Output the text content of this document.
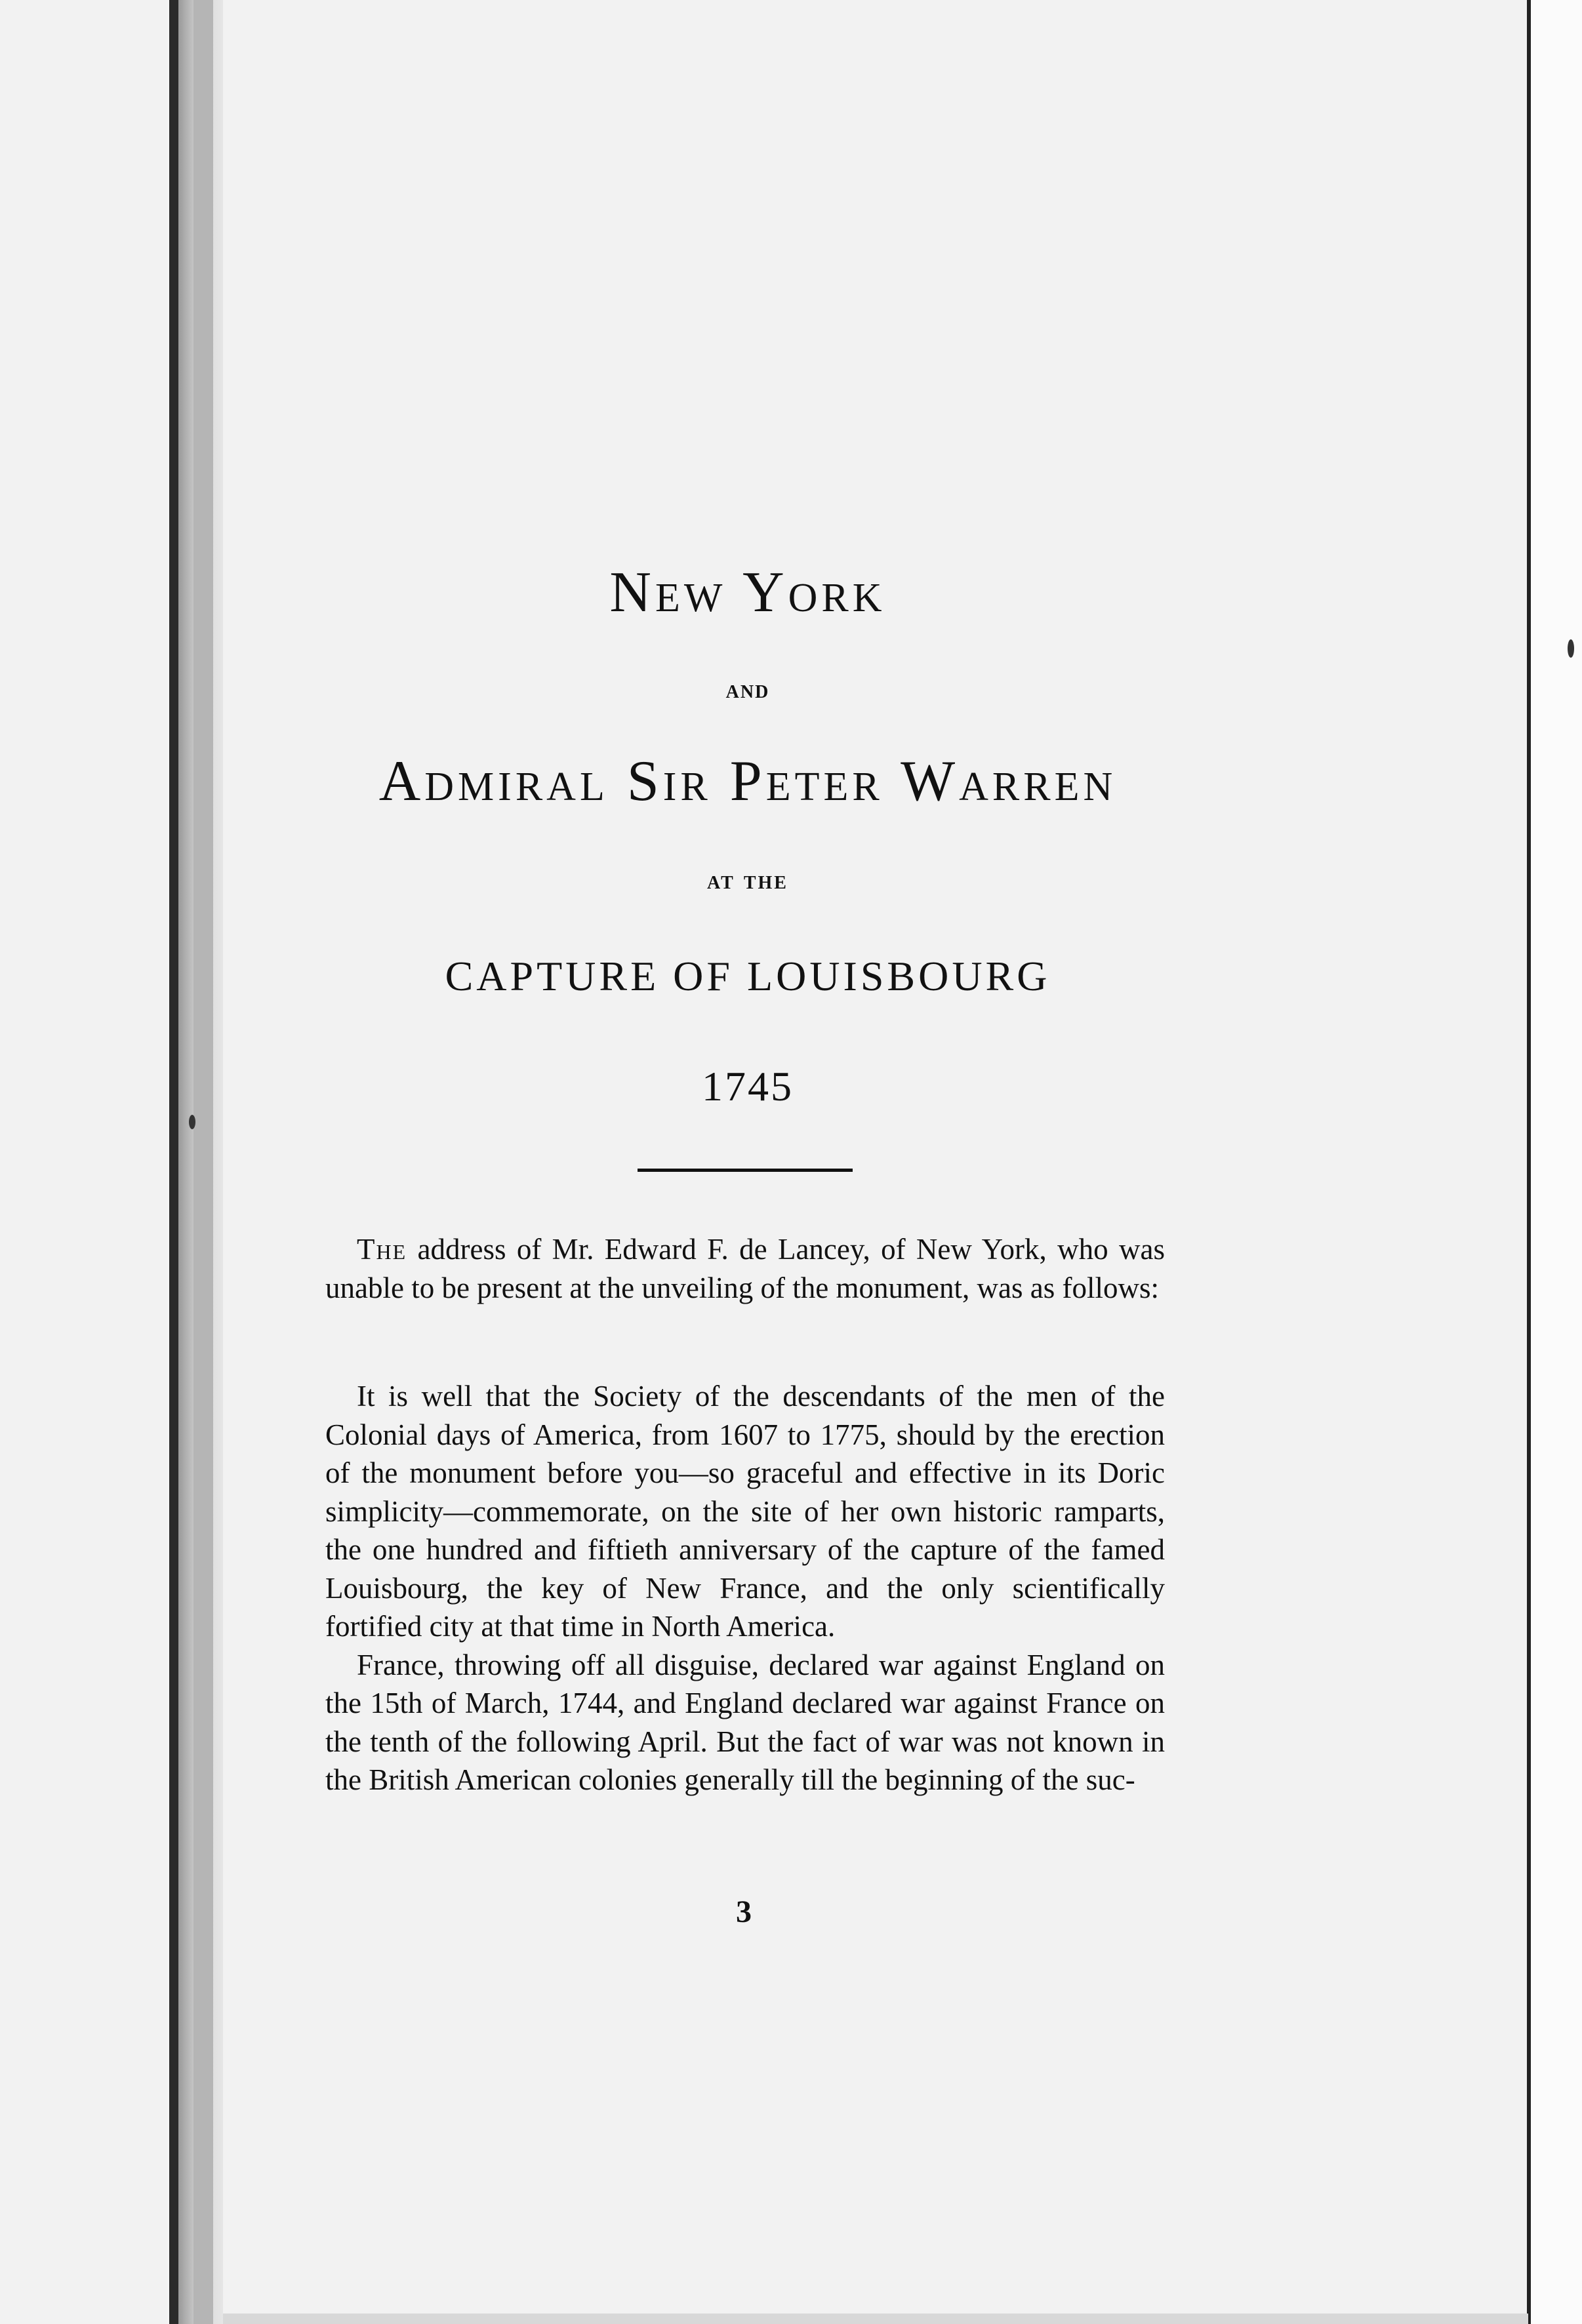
New York
and
Admiral Sir Peter Warren
at the
CAPTURE OF LOUISBOURG
1745

The address of Mr. Edward F. de Lancey, of New York, who was unable to be present at the unveiling of the monument, was as follows:

It is well that the Society of the descendants of the men of the Colonial days of America, from 1607 to 1775, should by the erection of the monument before you—so graceful and effective in its Doric simplicity—commemorate, on the site of her own historic ramparts, the one hundred and fiftieth anniversary of the capture of the famed Louisbourg, the key of New France, and the only scientifically fortified city at that time in North America.

France, throwing off all disguise, declared war against England on the 15th of March, 1744, and England declared war against France on the tenth of the following April. But the fact of war was not known in the British American colonies generally till the beginning of the suc-

3
